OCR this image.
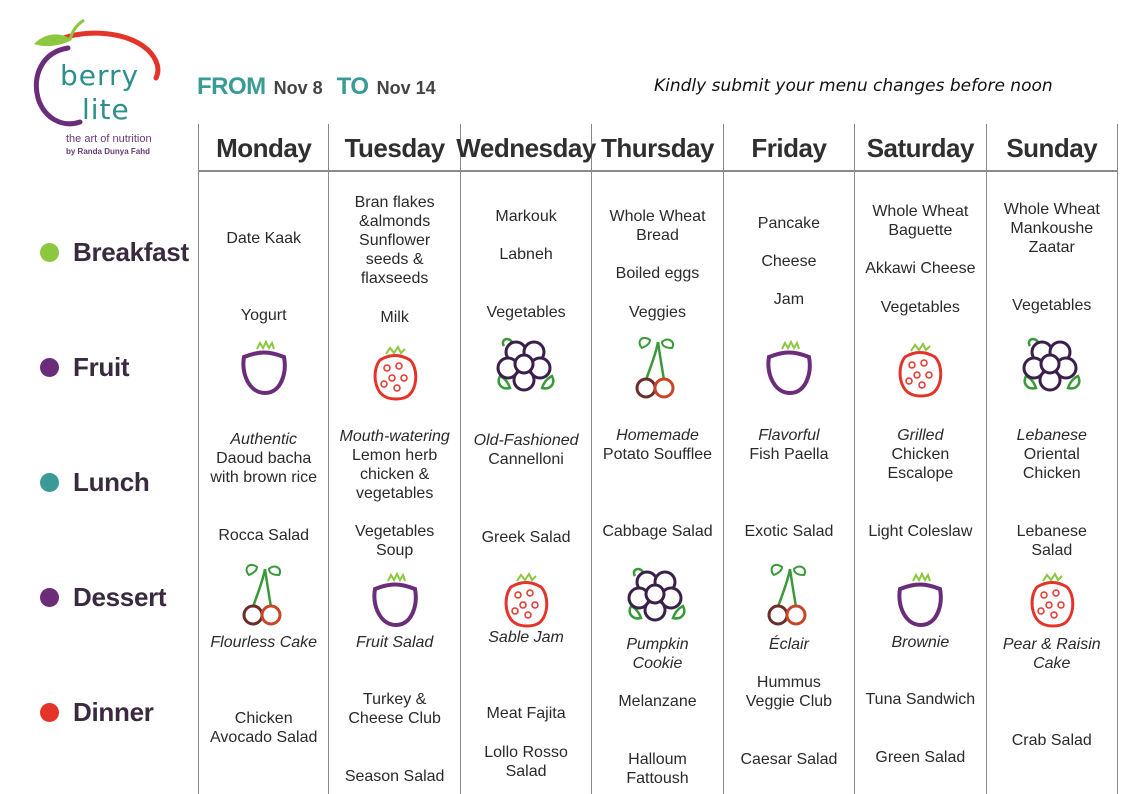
berry
lite
the art of nutrition
by Randa Dunya Fahd
FROM Nov 8 TO Nov 14	Kindly submit your menu changes before noon
Breakfast
Fruit
Lunch
Dessert
Dinner
Monday
Date Kaak
Yogurt
Authentic
Daoud bacha
with brown rice
Rocca Salad
Flourless Cake
Chicken
Avocado Salad
Tuesday
Bran flakes
&almonds
Sunflower
seeds &
flaxseeds
Milk
Mouth-watering
Lemon herb
chicken &
vegetables
Vegetables
Soup
Fruit Salad
Turkey &
Cheese Club
Season Salad
Wednesday
Markouk
Labneh
Vegetables
Old-Fashioned
Cannelloni
Greek Salad
Sable Jam
Meat Fajita
Lollo Rosso
Salad
Thursday
Whole Wheat
Bread
Boiled eggs
Veggies
Homemade
Potato Soufflee
Cabbage Salad
Pumpkin
Cookie
Melanzane
Halloum
Fattoush
Friday
Pancake
Cheese
Jam
Flavorful
Fish Paella
Exotic Salad
Éclair
Hummus
Veggie Club
Caesar Salad
Saturday
Whole Wheat
Baguette
Akkawi Cheese
Vegetables
Grilled
Chicken
Escalope
Light Coleslaw
Brownie
Tuna Sandwich
Green Salad
Sunday
Whole Wheat
Mankoushe
Zaatar
Vegetables
Lebanese
Oriental
Chicken
Lebanese
Salad
Pear & Raisin
Cake
Crab Salad
